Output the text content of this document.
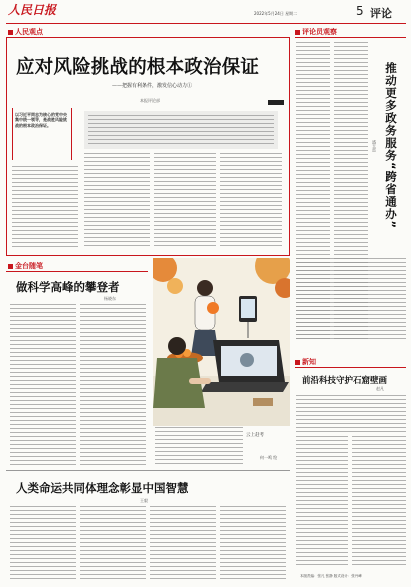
人民日报	2022年5月24日 星期二	5 评论
人民观点
应对风险挑战的根本政治保证
——把握有利条件，激发信心动力①
本报评论部
以习近平同志为核心的党中央集中统一领导，是战胜风险挑战的根本政治保证。
评论员观察
推动更多政务服务“跨省通办”
盛玉雷
金台随笔
做科学高峰的攀登者
杨晓东
云上赶考
何一鸣 绘
新知
前沿科技守护石窟壁画
赵凡
人类命运共同体理念彰显中国智慧
王毅
本版责编：张凡 张静 版式设计：张丹峰
